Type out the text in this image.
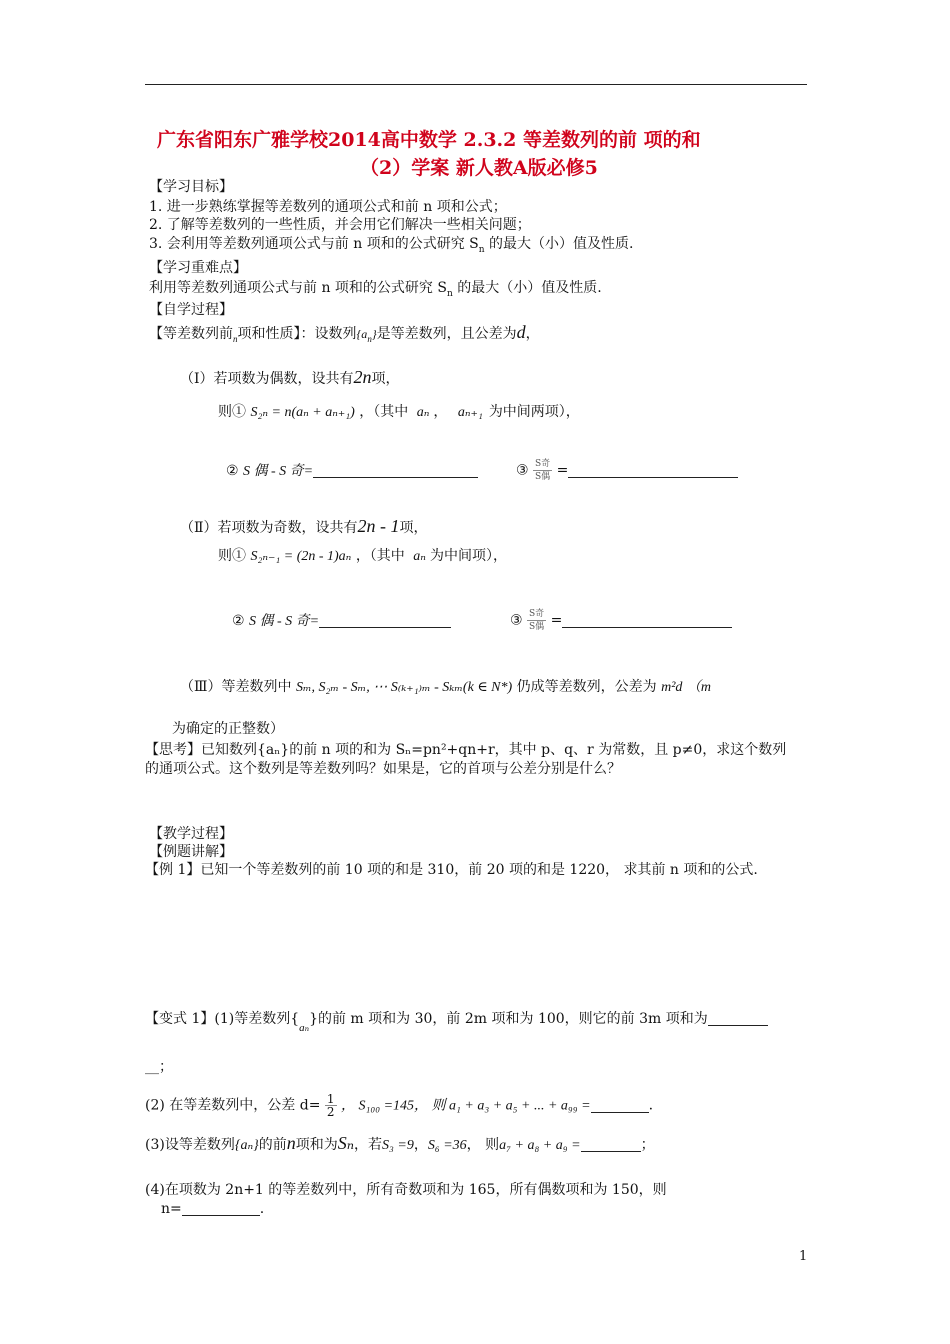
广东省阳东广雅学校2014高中数学 2.3.2 等差数列的前 项的和
（2）学案 新人教A版必修5
【学习目标】
1. 进一步熟练掌握等差数列的通项公式和前 n 项和公式；
2. 了解等差数列的一些性质，并会用它们解决一些相关问题；
3. 会利用等差数列通项公式与前 n 项和的公式研究 $S_n$ 的最大（小）值及性质.
【学习重难点】
利用等差数列通项公式与前 n 项和的公式研究 $S_n$ 的最大（小）值及性质.
【自学过程】
【等差数列前$_n$项和性质】：设数列$\{a_n\}$是等差数列，且公差为d，
（Ⅰ）若项数为偶数，设共有2n项，
则① S₂ₙ = n(aₙ + aₙ₊₁) ，（其中 aₙ ， aₙ₊₁ 为中间两项），
② S 偶 - S 奇=	③ $\frac{\text{S奇}}{\text{S偶}}$ =
（Ⅱ）若项数为奇数，设共有2n - 1项，
则① S₂ₙ₋₁ = (2n - 1)aₙ ，（其中 aₙ 为中间项），
② S 偶 - S 奇=	③ $\frac{\text{S奇}}{\text{S偶}}$ =
（Ⅲ）等差数列中 Sₘ, S₂ₘ - Sₘ, ⋯ S₍ₖ₊₁₎ₘ - Sₖₘ(k ∈ N*) 仍成等差数列，公差为 m²d （m
为确定的正整数）
【思考】已知数列{aₙ}的前 n 项的和为 Sₙ=pn²+qn+r，其中 p、q、r 为常数，且 p≠0，求这个数列
的通项公式。这个数列是等差数列吗？如果是，它的首项与公差分别是什么？
【教学过程】
【例题讲解】
【例 1】已知一个等差数列的前 10 项的和是 310，前 20 项的和是 1220， 求其前 n 项和的公式.
【变式 1】(1)等差数列$\{_{a_n}\}$的前 m 项和为 30，前 2m 项和为 100，则它的前 3m 项和为
__；
(2) 在等差数列中，公差 $d= \frac{1}{2}$ ， S₁₀₀ =145， 则 a₁ + a₃ + a₅ + ... + a₉₉ =	.
(3)设等差数列{aₙ}的前n项和为Sₙ，若S₃ =9，S₆ =36， 则a₇ + a₈ + a₉ =	；
(4)在项数为 2n+1 的等差数列中，所有奇数项和为 165，所有偶数项和为 150，则
n=	.
1
